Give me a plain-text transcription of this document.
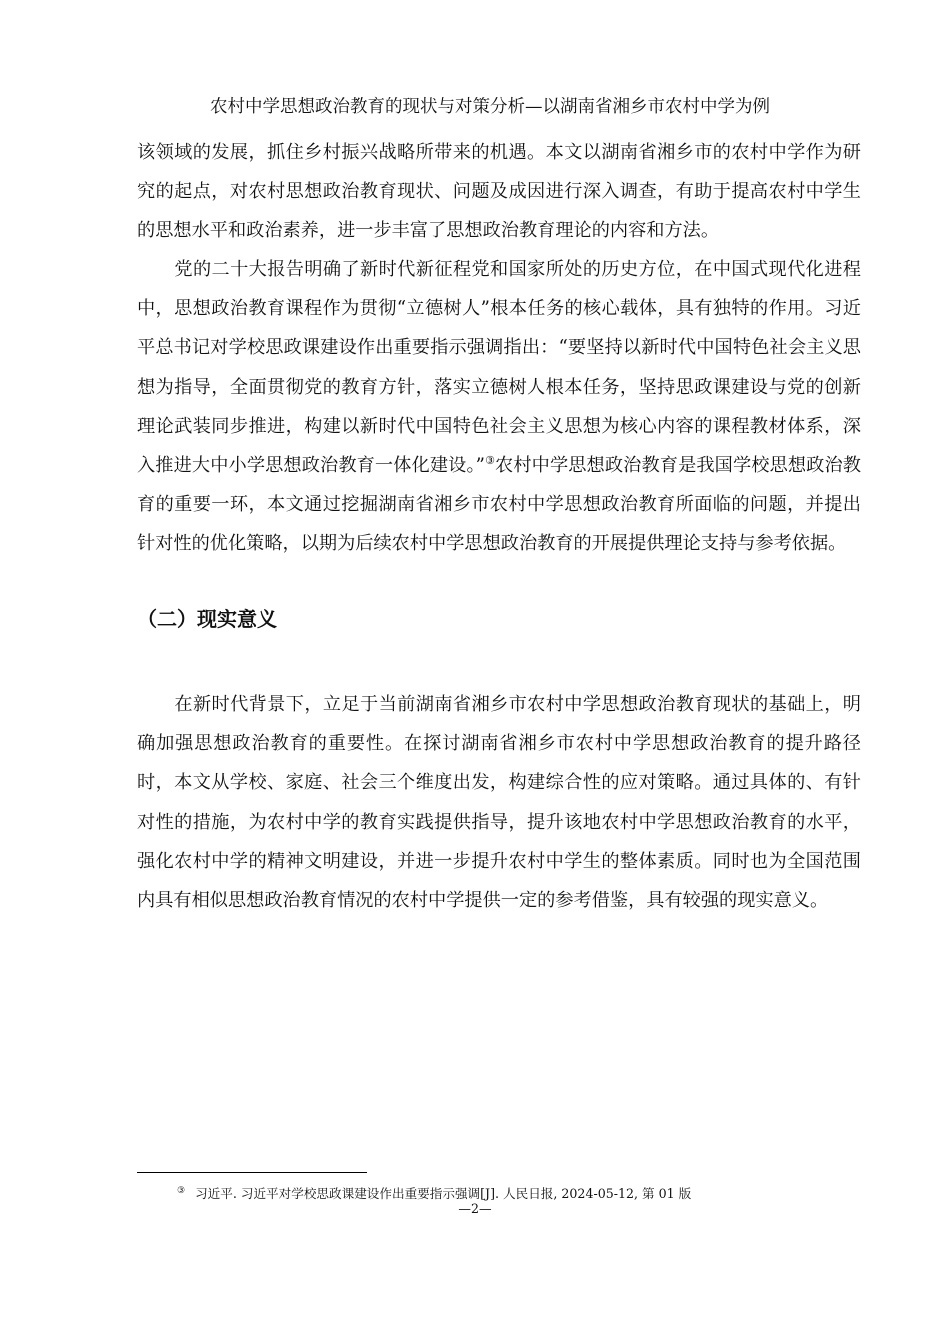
农村中学思想政治教育的现状与对策分析—以湖南省湘乡市农村中学为例

该领域的发展，抓住乡村振兴战略所带来的机遇。本文以湖南省湘乡市的农村中学作为研究的起点，对农村思想政治教育现状、问题及成因进行深入调查，有助于提高农村中学生的思想水平和政治素养，进一步丰富了思想政治教育理论的内容和方法。

党的二十大报告明确了新时代新征程党和国家所处的历史方位，在中国式现代化进程中，思想政治教育课程作为贯彻“立德树人”根本任务的核心载体，具有独特的作用。习近平总书记对学校思政课建设作出重要指示强调指出：“要坚持以新时代中国特色社会主义思想为指导，全面贯彻党的教育方针，落实立德树人根本任务，坚持思政课建设与党的创新理论武装同步推进，构建以新时代中国特色社会主义思想为核心内容的课程教材体系，深入推进大中小学思想政治教育一体化建设。”③农村中学思想政治教育是我国学校思想政治教育的重要一环，本文通过挖掘湖南省湘乡市农村中学思想政治教育所面临的问题，并提出针对性的优化策略，以期为后续农村中学思想政治教育的开展提供理论支持与参考依据。

（二）现实意义

在新时代背景下，立足于当前湖南省湘乡市农村中学思想政治教育现状的基础上，明确加强思想政治教育的重要性。在探讨湖南省湘乡市农村中学思想政治教育的提升路径时，本文从学校、家庭、社会三个维度出发，构建综合性的应对策略。通过具体的、有针对性的措施，为农村中学的教育实践提供指导，提升该地农村中学思想政治教育的水平，强化农村中学的精神文明建设，并进一步提升农村中学生的整体素质。同时也为全国范围内具有相似思想政治教育情况的农村中学提供一定的参考借鉴，具有较强的现实意义。

③ 习近平. 习近平对学校思政课建设作出重要指示强调[J]. 人民日报, 2024-05-12, 第 01 版

—2—
